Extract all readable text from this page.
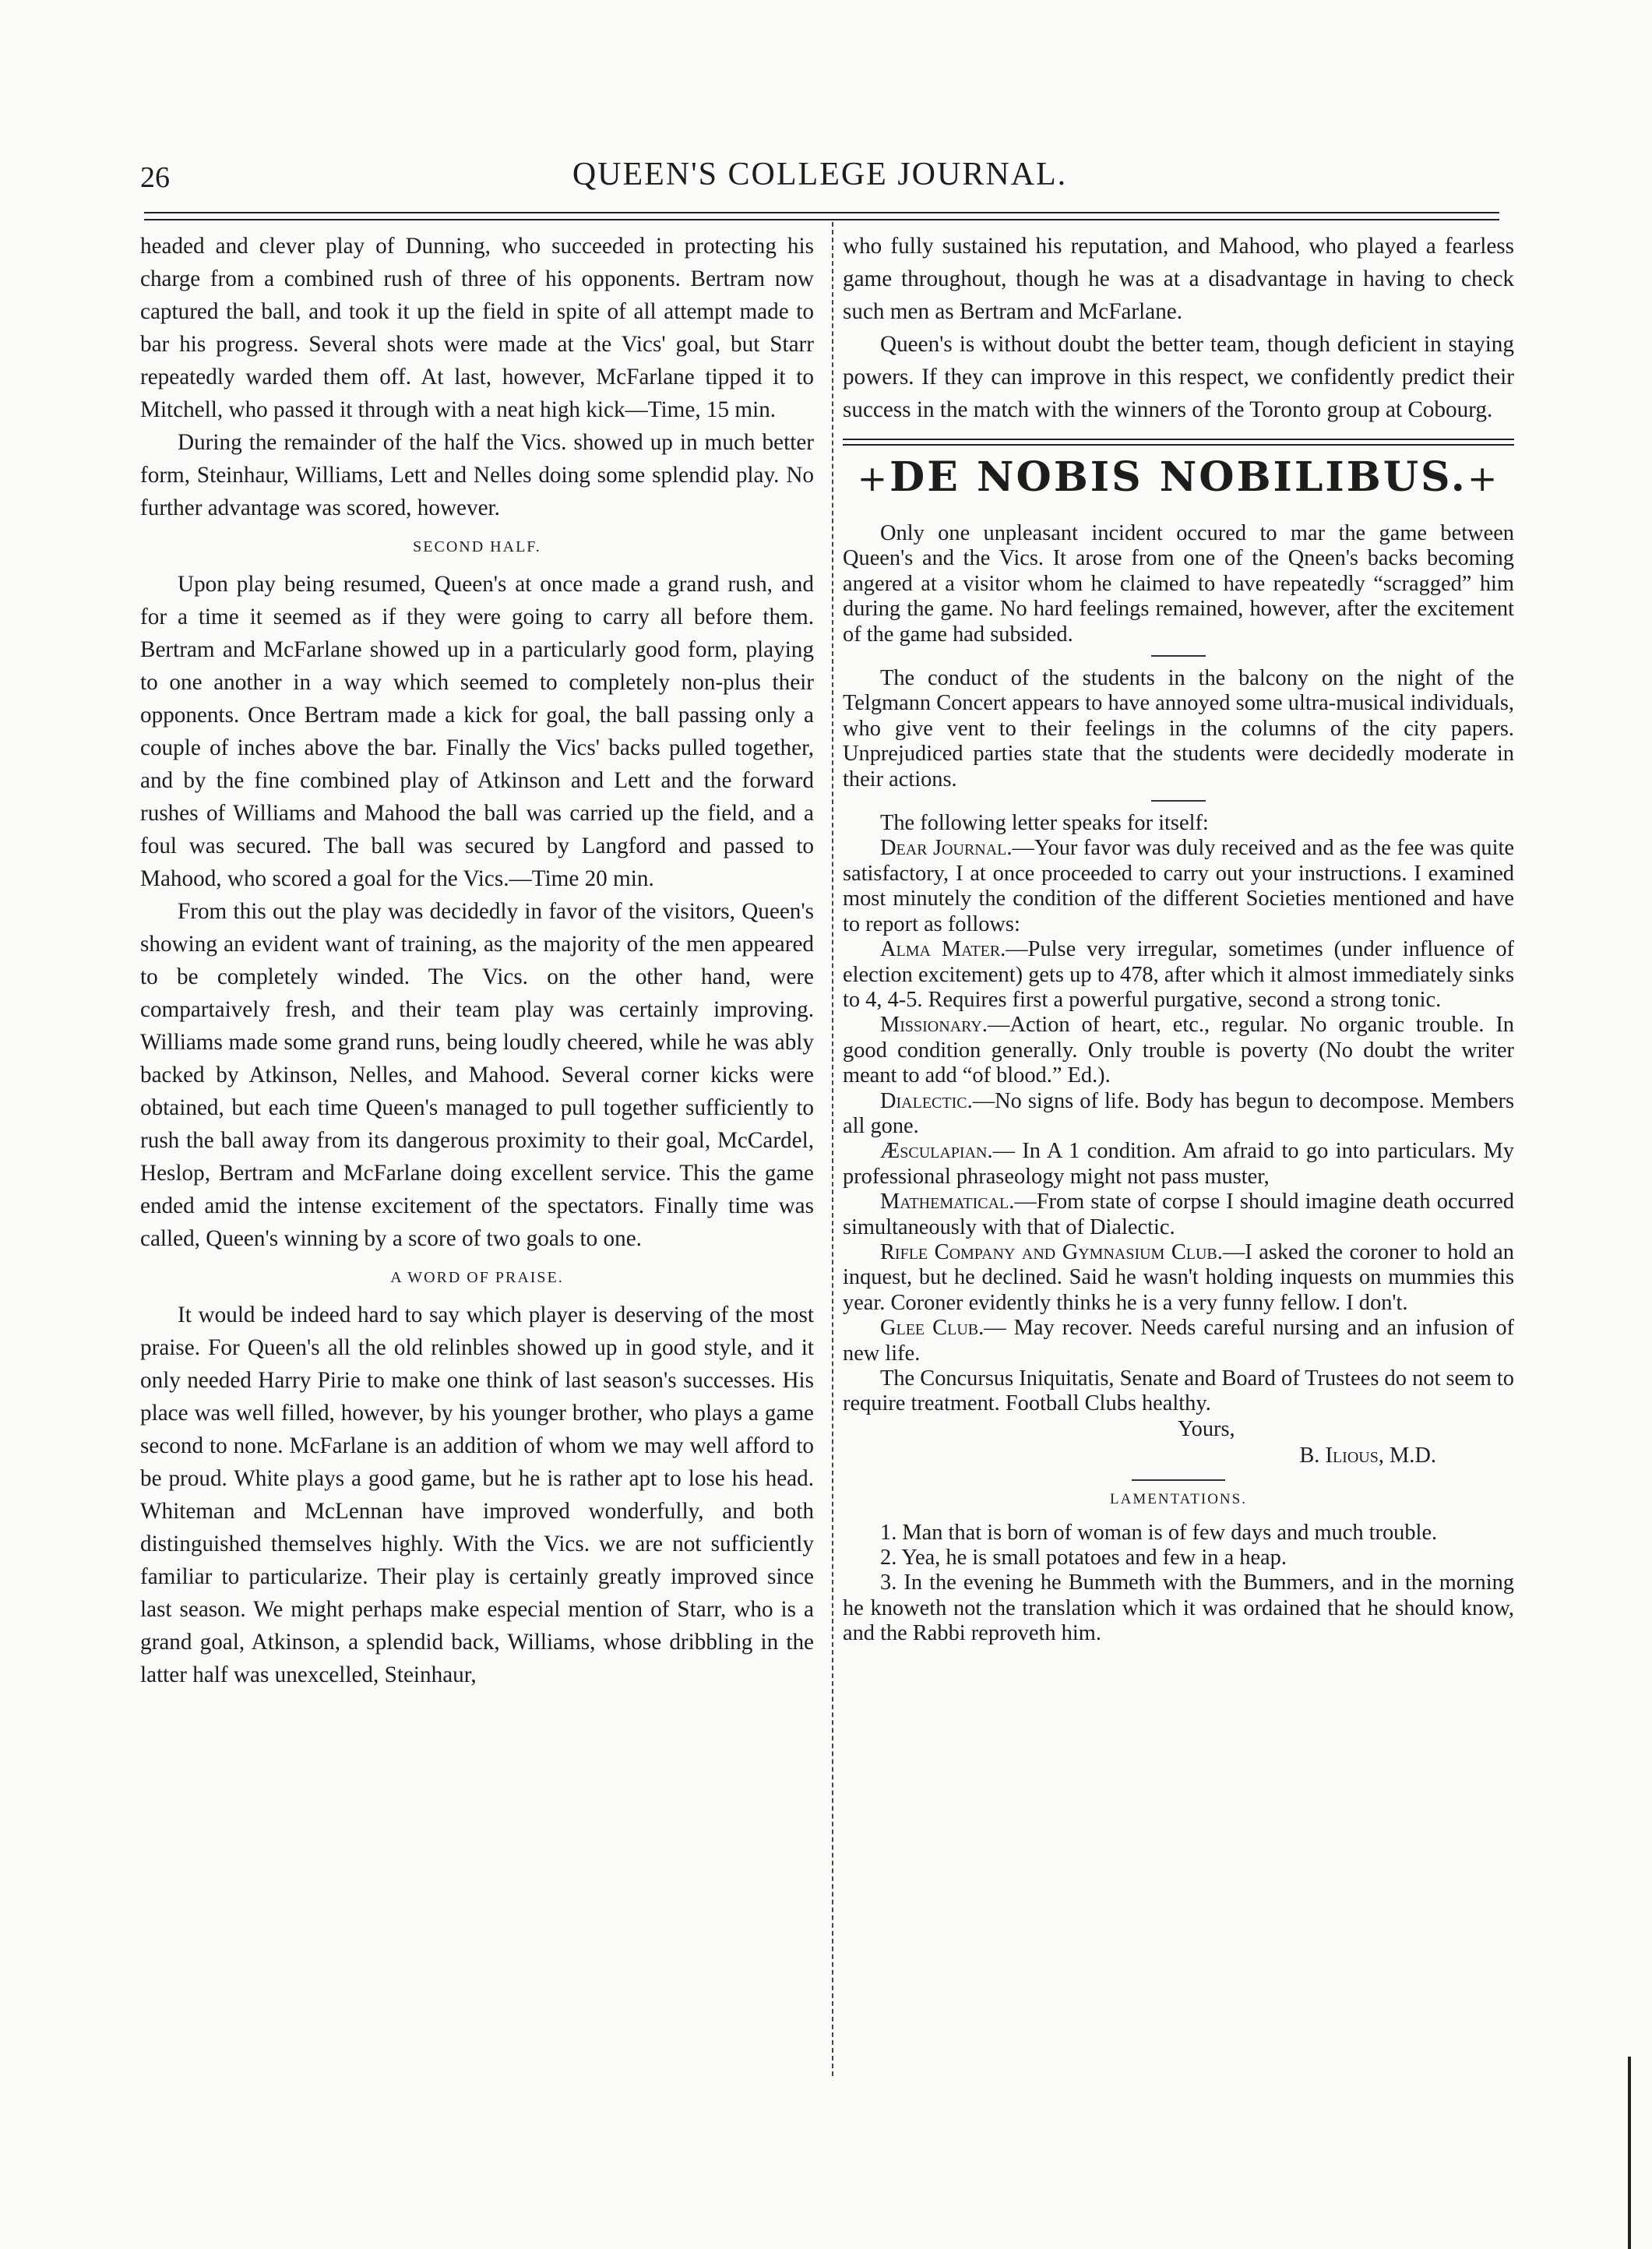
26	QUEEN'S COLLEGE JOURNAL.

headed and clever play of Dunning, who succeeded in protecting his charge from a combined rush of three of his opponents. Bertram now captured the ball, and took it up the field in spite of all attempt made to bar his progress. Several shots were made at the Vics' goal, but Starr repeatedly warded them off. At last, however, McFarlane tipped it to Mitchell, who passed it through with a neat high kick—Time, 15 min.

During the remainder of the half the Vics. showed up in much better form, Steinhaur, Williams, Lett and Nelles doing some splendid play. No further advantage was scored, however.

SECOND HALF.

Upon play being resumed, Queen's at once made a grand rush, and for a time it seemed as if they were going to carry all before them. Bertram and McFarlane showed up in a particularly good form, playing to one another in a way which seemed to completely non-plus their opponents. Once Bertram made a kick for goal, the ball passing only a couple of inches above the bar. Finally the Vics' backs pulled together, and by the fine combined play of Atkinson and Lett and the forward rushes of Williams and Mahood the ball was carried up the field, and a foul was secured. The ball was secured by Langford and passed to Mahood, who scored a goal for the Vics.—Time 20 min.

From this out the play was decidedly in favor of the visitors, Queen's showing an evident want of training, as the majority of the men appeared to be completely winded. The Vics. on the other hand, were compartaively fresh, and their team play was certainly improving. Williams made some grand runs, being loudly cheered, while he was ably backed by Atkinson, Nelles, and Mahood. Several corner kicks were obtained, but each time Queen's managed to pull together sufficiently to rush the ball away from its dangerous proximity to their goal, McCardel, Heslop, Bertram and McFarlane doing excellent service. This the game ended amid the intense excitement of the spectators. Finally time was called, Queen's winning by a score of two goals to one.

A WORD OF PRAISE.

It would be indeed hard to say which player is deserving of the most praise. For Queen's all the old relinbles showed up in good style, and it only needed Harry Pirie to make one think of last season's successes. His place was well filled, however, by his younger brother, who plays a game second to none. McFarlane is an addition of whom we may well afford to be proud. White plays a good game, but he is rather apt to lose his head. Whiteman and McLennan have improved wonderfully, and both distinguished themselves highly. With the Vics. we are not sufficiently familiar to particularize. Their play is certainly greatly improved since last season. We might perhaps make especial mention of Starr, who is a grand goal, Atkinson, a splendid back, Williams, whose dribbling in the latter half was unexcelled, Steinhaur,

who fully sustained his reputation, and Mahood, who played a fearless game throughout, though he was at a disadvantage in having to check such men as Bertram and McFarlane.

Queen's is without doubt the better team, though deficient in staying powers. If they can improve in this respect, we confidently predict their success in the match with the winners of the Toronto group at Cobourg.

+DE NOBIS NOBILIBUS.+

Only one unpleasant incident occured to mar the game between Queen's and the Vics. It arose from one of the Qneen's backs becoming angered at a visitor whom he claimed to have repeatedly “scragged” him during the game. No hard feelings remained, however, after the excitement of the game had subsided.

The conduct of the students in the balcony on the night of the Telgmann Concert appears to have annoyed some ultra-musical individuals, who give vent to their feelings in the columns of the city papers. Unprejudiced parties state that the students were decidedly moderate in their actions.

The following letter speaks for itself:

Dear Journal.—Your favor was duly received and as the fee was quite satisfactory, I at once proceeded to carry out your instructions. I examined most minutely the condition of the different Societies mentioned and have to report as follows:

Alma Mater.—Pulse very irregular, sometimes (under influence of election excitement) gets up to 478, after which it almost immediately sinks to 4, 4-5. Requires first a powerful purgative, second a strong tonic.

Missionary.—Action of heart, etc., regular. No organic trouble. In good condition generally. Only trouble is poverty (No doubt the writer meant to add “of blood.” Ed.).

Dialectic.—No signs of life. Body has begun to decompose. Members all gone.

Æsculapian.— In A 1 condition. Am afraid to go into particulars. My professional phraseology might not pass muster,

Mathematical.—From state of corpse I should imagine death occurred simultaneously with that of Dialectic.

Rifle Company and Gymnasium Club.—I asked the coroner to hold an inquest, but he declined. Said he wasn't holding inquests on mummies this year. Coroner evidently thinks he is a very funny fellow. I don't.

Glee Club.— May recover. Needs careful nursing and an infusion of new life.

The Concursus Iniquitatis, Senate and Board of Trustees do not seem to require treatment. Football Clubs healthy.

Yours,
B. Ilious, M.D.
LAMENTATIONS.

1. Man that is born of woman is of few days and much trouble.

2. Yea, he is small potatoes and few in a heap.

3. In the evening he Bummeth with the Bummers, and in the morning he knoweth not the translation which it was ordained that he should know, and the Rabbi reproveth him.
